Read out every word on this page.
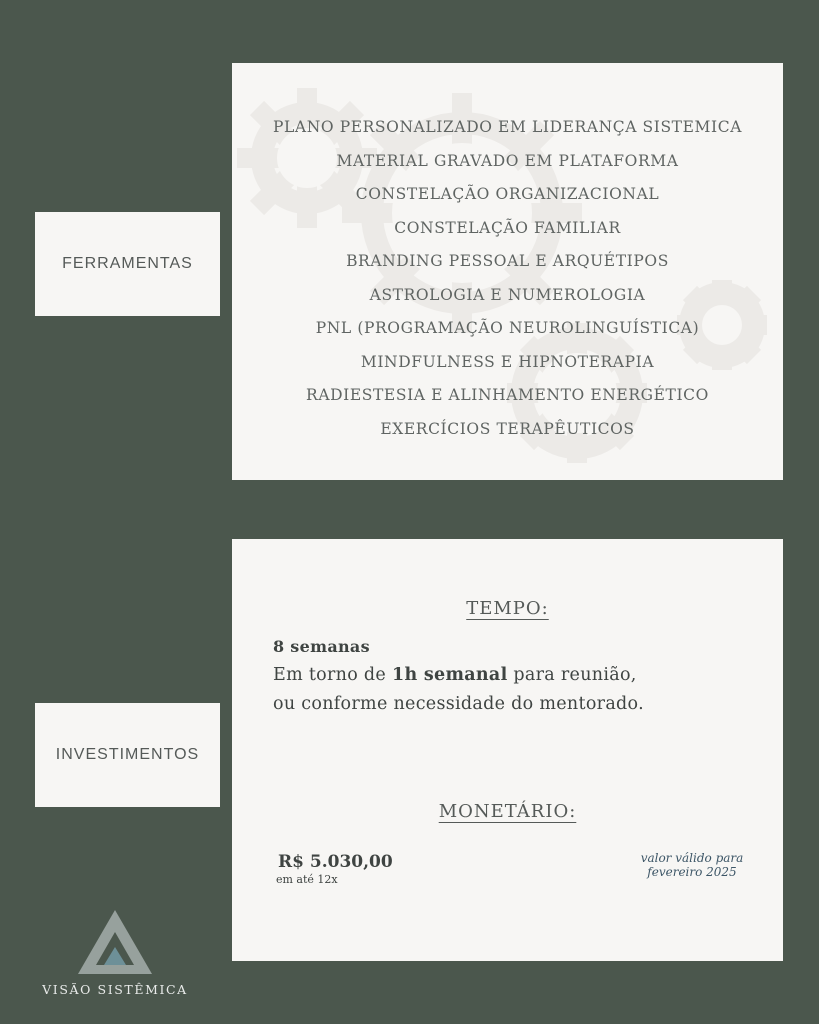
FERRAMENTAS
PLANO PERSONALIZADO EM LIDERANÇA SISTEMICA
MATERIAL GRAVADO EM PLATAFORMA
CONSTELAÇÃO ORGANIZACIONAL
CONSTELAÇÃO FAMILIAR
BRANDING PESSOAL E ARQUÉTIPOS
ASTROLOGIA E NUMEROLOGIA
PNL (PROGRAMAÇÃO NEUROLINGUÍSTICA)
MINDFULNESS E HIPNOTERAPIA
RADIESTESIA E ALINHAMENTO ENERGÉTICO
EXERCÍCIOS TERAPÊUTICOS
INVESTIMENTOS
TEMPO:
8 semanas
Em torno de 1h semanal para reunião,
ou conforme necessidade do mentorado.
MONETÁRIO:
R$ 5.030,00
em até 12x
valor válido para
fevereiro 2025
VISÃO SISTÊMICA
